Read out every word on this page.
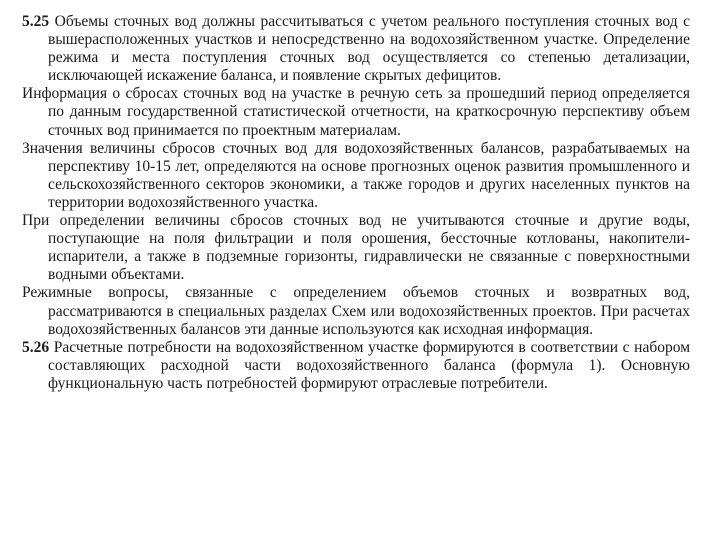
5.25 Объемы сточных вод должны рассчитываться с учетом реального поступления сточных вод с вышерасположенных участков и непосредственно на водохозяйственном участке. Определение режима и места поступления сточных вод осуществляется со степенью детализации, исключающей искажение баланса, и появление скрытых дефицитов.

Информация о сбросах сточных вод на участке в речную сеть за прошедший период определяется по данным государственной статистической отчетности, на краткосрочную перспективу объем сточных вод принимается по проектным материалам.

Значения величины сбросов сточных вод для водохозяйственных балансов, разрабатываемых на перспективу 10-15 лет, определяются на основе прогнозных оценок развития промышленного и сельскохозяйственного секторов экономики, а также городов и других населенных пунктов на территории водохозяйственного участка.

При определении величины сбросов сточных вод не учитываются сточные и другие воды, поступающие на поля фильтрации и поля орошения, бессточные котлованы, накопители-испарители, а также в подземные горизонты, гидравлически не связанные с поверхностными водными объектами.

Режимные вопросы, связанные с определением объемов сточных и возвратных вод, рассматриваются в специальных разделах Схем или водохозяйственных проектов. При расчетах водохозяйственных балансов эти данные используются как исходная информация.

5.26 Расчетные потребности на водохозяйственном участке формируются в соответствии с набором составляющих расходной части водохозяйственного баланса (формула 1). Основную функциональную часть потребностей формируют отраслевые потребители.
